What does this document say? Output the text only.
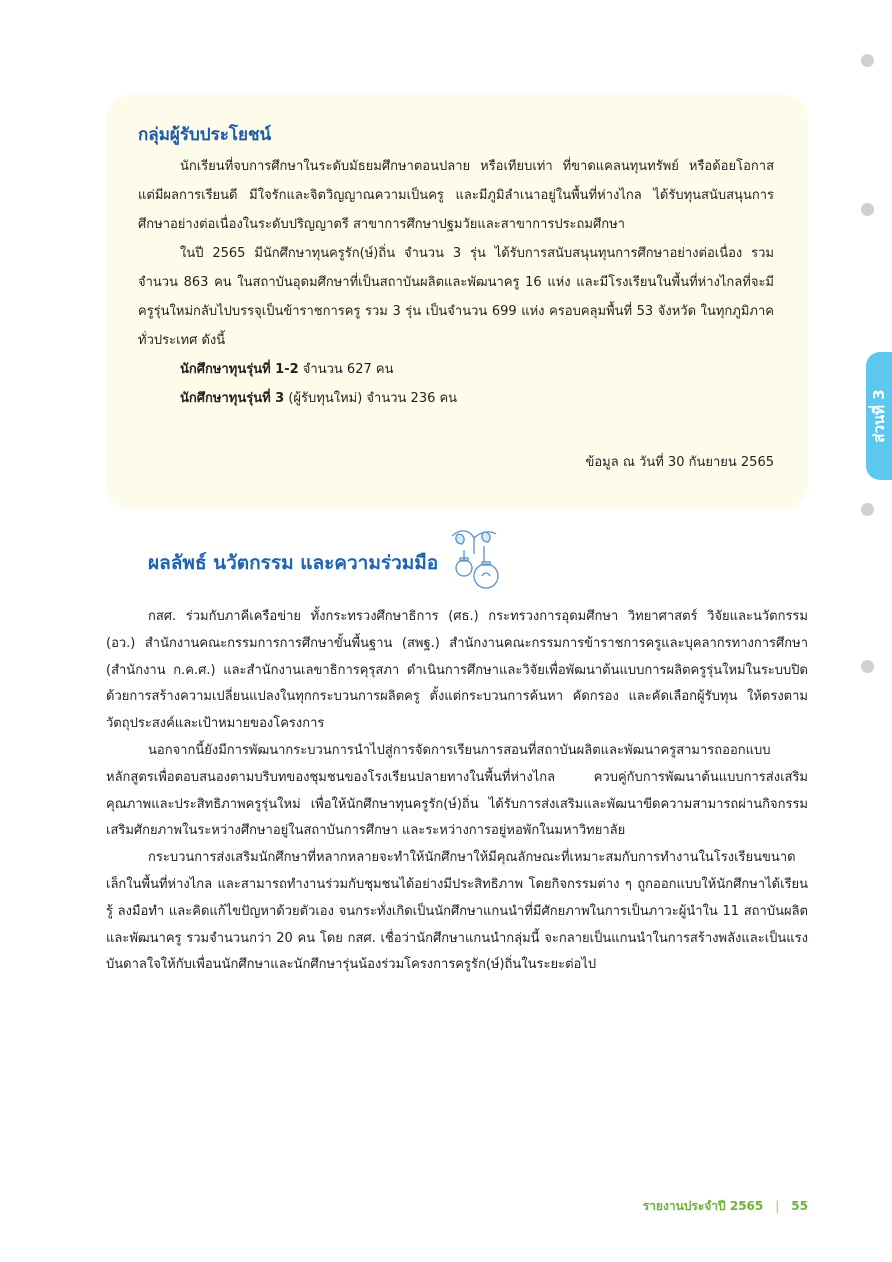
ส่วนที่ 3
กลุ่มผู้รับประโยชน์

นักเรียนที่จบการศึกษาในระดับมัธยมศึกษาตอนปลาย หรือเทียบเท่า ที่ขาดแคลนทุนทรัพย์ หรือด้อยโอกาส แต่มีผลการเรียนดี มีใจรักและจิตวิญญาณความเป็นครู และมีภูมิลำเนาอยู่ในพื้นที่ห่างไกล ได้รับทุนสนับสนุนการศึกษาอย่างต่อเนื่องในระดับปริญญาตรี สาขาการศึกษาปฐมวัยและสาขาการประถมศึกษา

ในปี 2565 มีนักศึกษาทุนครูรัก(ษ์)ถิ่น จำนวน 3 รุ่น ได้รับการสนับสนุนทุนการศึกษาอย่างต่อเนื่อง รวมจำนวน 863 คน ในสถาบันอุดมศึกษาที่เป็นสถาบันผลิตและพัฒนาครู 16 แห่ง และมีโรงเรียนในพื้นที่ห่างไกลที่จะมีครูรุ่นใหม่กลับไปบรรจุเป็นข้าราชการครู รวม 3 รุ่น เป็นจำนวน 699 แห่ง ครอบคลุมพื้นที่ 53 จังหวัด ในทุกภูมิภาคทั่วประเทศ ดังนี้

นักศึกษาทุนรุ่นที่ 1-2 จำนวน 627 คน

นักศึกษาทุนรุ่นที่ 3 (ผู้รับทุนใหม่) จำนวน 236 คน

ข้อมูล ณ วันที่ 30 กันยายน 2565

ผลลัพธ์ นวัตกรรม และความร่วมมือ

กสศ. ร่วมกับภาคีเครือข่าย ทั้งกระทรวงศึกษาธิการ (ศธ.) กระทรวงการอุดมศึกษา วิทยาศาสตร์ วิจัยและนวัตกรรม (อว.) สำนักงานคณะกรรมการการศึกษาขั้นพื้นฐาน (สพฐ.) สำนักงานคณะกรรมการข้าราชการครูและบุคลากรทางการศึกษา (สำนักงาน ก.ค.ศ.) และสำนักงานเลขาธิการคุรุสภา ดำเนินการศึกษาและวิจัยเพื่อพัฒนาต้นแบบการผลิตครูรุ่นใหม่ในระบบปิด ด้วยการสร้างความเปลี่ยนแปลงในทุกกระบวนการผลิตครู ตั้งแต่กระบวนการค้นหา คัดกรอง และคัดเลือกผู้รับทุน ให้ตรงตามวัตถุประสงค์และเป้าหมายของโครงการ

นอกจากนี้ยังมีการพัฒนากระบวนการนำไปสู่การจัดการเรียนการสอนที่สถาบันผลิตและพัฒนาครูสามารถออกแบบหลักสูตรเพื่อตอบสนองตามบริบทของชุมชนของโรงเรียนปลายทางในพื้นที่ห่างไกล ควบคู่กับการพัฒนาต้นแบบการส่งเสริมคุณภาพและประสิทธิภาพครูรุ่นใหม่ เพื่อให้นักศึกษาทุนครูรัก(ษ์)ถิ่น ได้รับการส่งเสริมและพัฒนาขีดความสามารถผ่านกิจกรรมเสริมศักยภาพในระหว่างศึกษาอยู่ในสถาบันการศึกษา และระหว่างการอยู่หอพักในมหาวิทยาลัย

กระบวนการส่งเสริมนักศึกษาที่หลากหลายจะทำให้นักศึกษาให้มีคุณลักษณะที่เหมาะสมกับการทำงานในโรงเรียนขนาดเล็กในพื้นที่ห่างไกล และสามารถทำงานร่วมกับชุมชนได้อย่างมีประสิทธิภาพ โดยกิจกรรมต่าง ๆ ถูกออกแบบให้นักศึกษาได้เรียนรู้ ลงมือทำ และคิดแก้ไขปัญหาด้วยตัวเอง จนกระทั่งเกิดเป็นนักศึกษาแกนนำที่มีศักยภาพในการเป็นภาวะผู้นำใน 11 สถาบันผลิตและพัฒนาครู รวมจำนวนกว่า 20 คน โดย กสศ. เชื่อว่านักศึกษาแกนนำกลุ่มนี้ จะกลายเป็นแกนนำในการสร้างพลังและเป็นแรงบันดาลใจให้กับเพื่อนนักศึกษาและนักศึกษารุ่นน้องร่วมโครงการครูรัก(ษ์)ถิ่นในระยะต่อไป

รายงานประจำปี 2565 | 55
